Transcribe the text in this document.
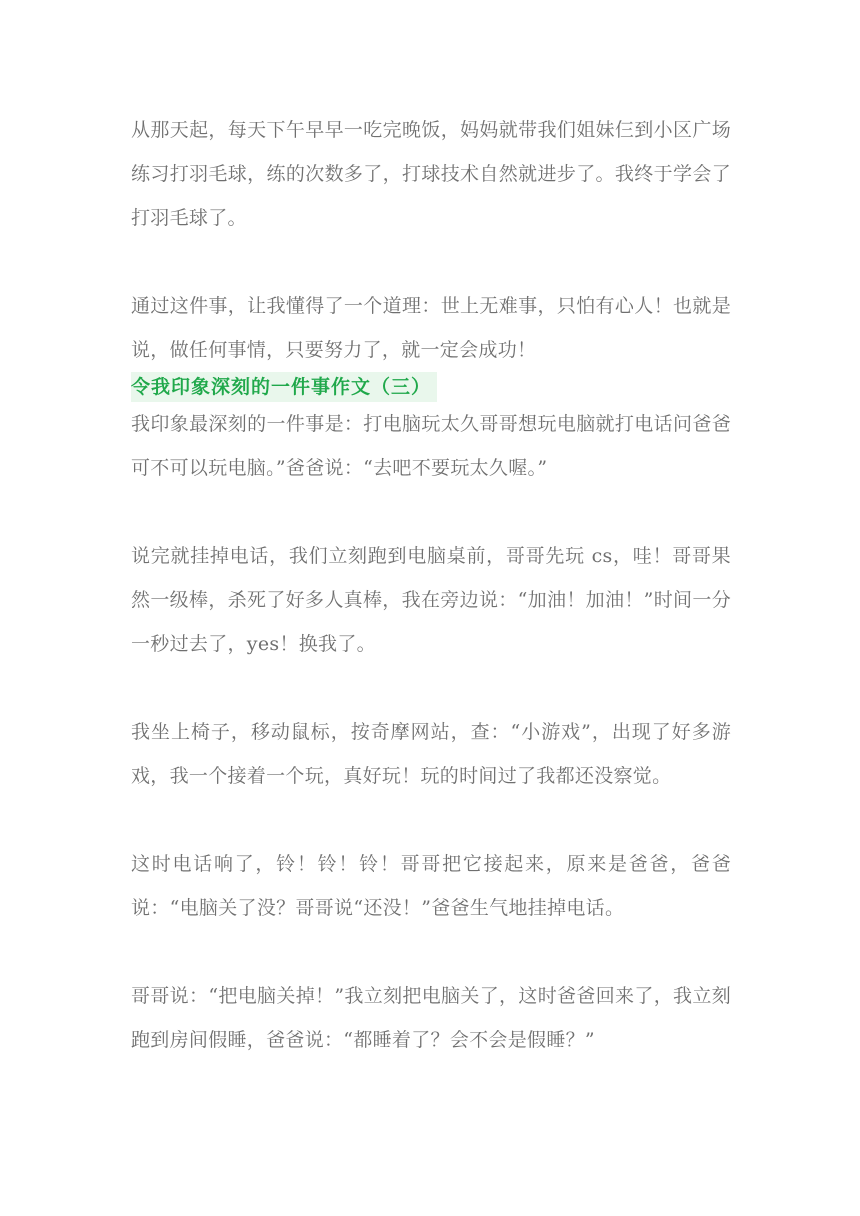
从那天起，每天下午早早一吃完晚饭，妈妈就带我们姐妹仨到小区广场练习打羽毛球，练的次数多了，打球技术自然就进步了。我终于学会了打羽毛球了。

通过这件事，让我懂得了一个道理：世上无难事，只怕有心人！也就是说，做任何事情，只要努力了，就一定会成功！

令我印象深刻的一件事作文（三）

我印象最深刻的一件事是：打电脑玩太久哥哥想玩电脑就打电话问爸爸可不可以玩电脑。”爸爸说：“去吧不要玩太久喔。”

说完就挂掉电话，我们立刻跑到电脑桌前，哥哥先玩 cs，哇！哥哥果然一级棒，杀死了好多人真棒，我在旁边说：“加油！加油！”时间一分一秒过去了，yes！换我了。

我坐上椅子，移动鼠标，按奇摩网站，查：“小游戏”，出现了好多游戏，我一个接着一个玩，真好玩！玩的时间过了我都还没察觉。

这时电话响了，铃！铃！铃！哥哥把它接起来，原来是爸爸，爸爸说：“电脑关了没？哥哥说“还没！”爸爸生气地挂掉电话。

哥哥说：“把电脑关掉！”我立刻把电脑关了，这时爸爸回来了，我立刻跑到房间假睡，爸爸说：“都睡着了？会不会是假睡？”
